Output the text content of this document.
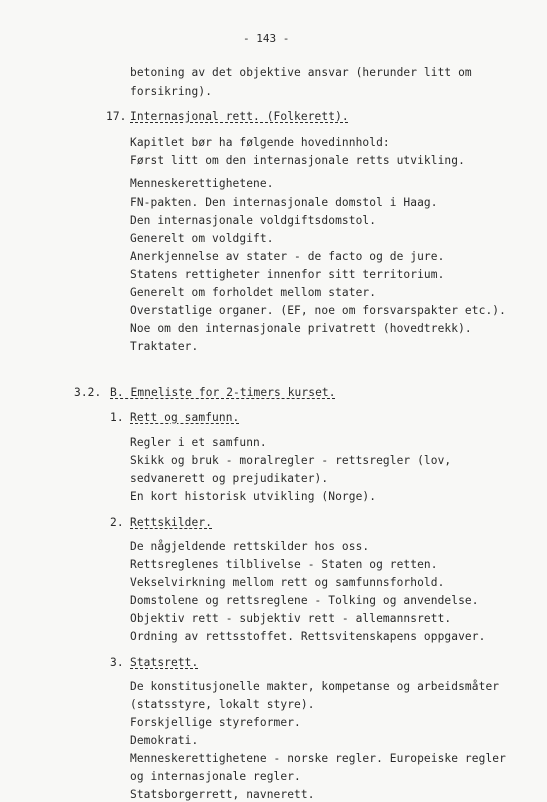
- 143 -
betoning av det objektive ansvar (herunder litt om
forsikring).
17. Internasjonal rett. (Folkerett).
Kapitlet bør ha følgende hovedinnhold:
Først litt om den internasjonale retts utvikling.
Menneskerettighetene.
FN-pakten. Den internasjonale domstol i Haag.
Den internasjonale voldgiftsdomstol.
Generelt om voldgift.
Anerkjennelse av stater - de facto og de jure.
Statens rettigheter innenfor sitt territorium.
Generelt om forholdet mellom stater.
Overstatlige organer. (EF, noe om forsvarspakter etc.).
Noe om den internasjonale privatrett (hovedtrekk).
Traktater.
3.2. B. Emneliste for 2-timers kurset.
1. Rett og samfunn.
Regler i et samfunn.
Skikk og bruk - moralregler - rettsregler (lov,
sedvanerett og prejudikater).
En kort historisk utvikling (Norge).
2. Rettskilder.
De någjeldende rettskilder hos oss.
Rettsreglenes tilblivelse - Staten og retten.
Vekselvirkning mellom rett og samfunnsforhold.
Domstolene og rettsreglene - Tolking og anvendelse.
Objektiv rett - subjektiv rett - allemannsrett.
Ordning av rettsstoffet. Rettsvitenskapens oppgaver.
3. Statsrett.
De konstitusjonelle makter, kompetanse og arbeidsmåter
(statsstyre, lokalt styre).
Forskjellige styreformer.
Demokrati.
Menneskerettighetene - norske regler. Europeiske regler
og internasjonale regler.
Statsborgerrett, navnerett.
